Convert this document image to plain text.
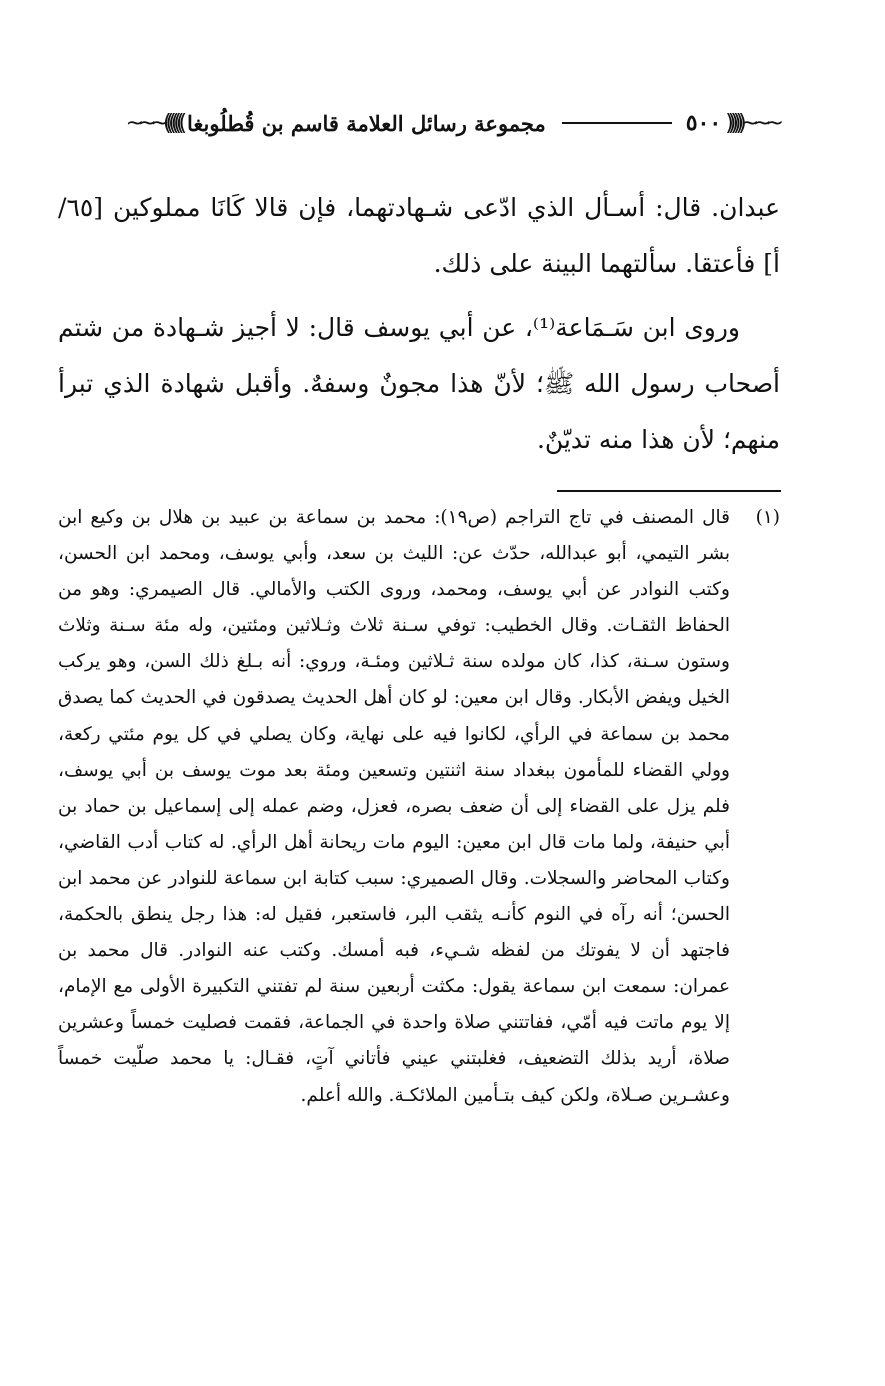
~~~((((((
٥٠٠
مجموعة رسائل العلامة قاسم بن قُطلُوبغا
)))))))~~~

عبدان. قال: أسـأل الذي ادّعى شـهادتهما، فإن قالا كَانَا مملوكين [٦٥/ أ] فأعتقا. سألتهما البينة على ذلك.

وروى ابن سَـمَاعة⁽¹⁾، عن أبي يوسف قال: لا أجيز شـهادة من شتم أصحاب رسول الله ﷺ؛ لأنّ هذا مجونٌ وسفهٌ. وأقبل شهادة الذي تبرأ منهم؛ لأن هذا منه تديّنٌ.

(١)
قال المصنف في تاج التراجم (ص١٩): محمد بن سماعة بن عبيد بن هلال بن وكيع ابن بشر التيمي، أبو عبدالله، حدّث عن: الليث بن سعد، وأبي يوسف، ومحمد ابن الحسن، وكتب النوادر عن أبي يوسف، ومحمد، وروى الكتب والأمالي. قال الصيمري: وهو من الحفاظ الثقـات. وقال الخطيب: توفي سـنة ثلاث وثـلاثين ومئتين، وله مئة سـنة وثلاث وستون سـنة، كذا، كان مولده سنة ثـلاثين ومئـة، وروي: أنه بـلغ ذلك السن، وهو يركب الخيل ويفض الأبكار. وقال ابن معين: لو كان أهل الحديث يصدقون في الحديث كما يصدق محمد بن سماعة في الرأي، لكانوا فيه على نهاية، وكان يصلي في كل يوم مئتي ركعة، وولي القضاء للمأمون ببغداد سنة اثنتين وتسعين ومئة بعد موت يوسف بن أبي يوسف، فلم يزل على القضاء إلى أن ضعف بصره، فعزل، وضم عمله إلى إسماعيل بن حماد بن أبي حنيفة، ولما مات قال ابن معين: اليوم مات ريحانة أهل الرأي. له كتاب أدب القاضي، وكتاب المحاضر والسجلات. وقال الصميري: سبب كتابة ابن سماعة للنوادر عن محمد ابن الحسن؛ أنه رآه في النوم كأنـه يثقب البر، فاستعبر، فقيل له: هذا رجل ينطق بالحكمة، فاجتهد أن لا يفوتك من لفظه شـيء، فبه أمسك. وكتب عنه النوادر. قال محمد بن عمران: سمعت ابن سماعة يقول: مكثت أربعين سنة لم تفتني التكبيرة الأولى مع الإمام، إلا يوم ماتت فيه أمّي، ففاتتني صلاة واحدة في الجماعة، فقمت فصليت خمساً وعشرين صلاة، أريد بذلك التضعيف، فغلبتني عيني فأتاني آتٍ، فقـال: يا محمد صلّيت خمساً وعشـرين صـلاة، ولكن كيف بتـأمين الملائكـة. والله أعلم.
